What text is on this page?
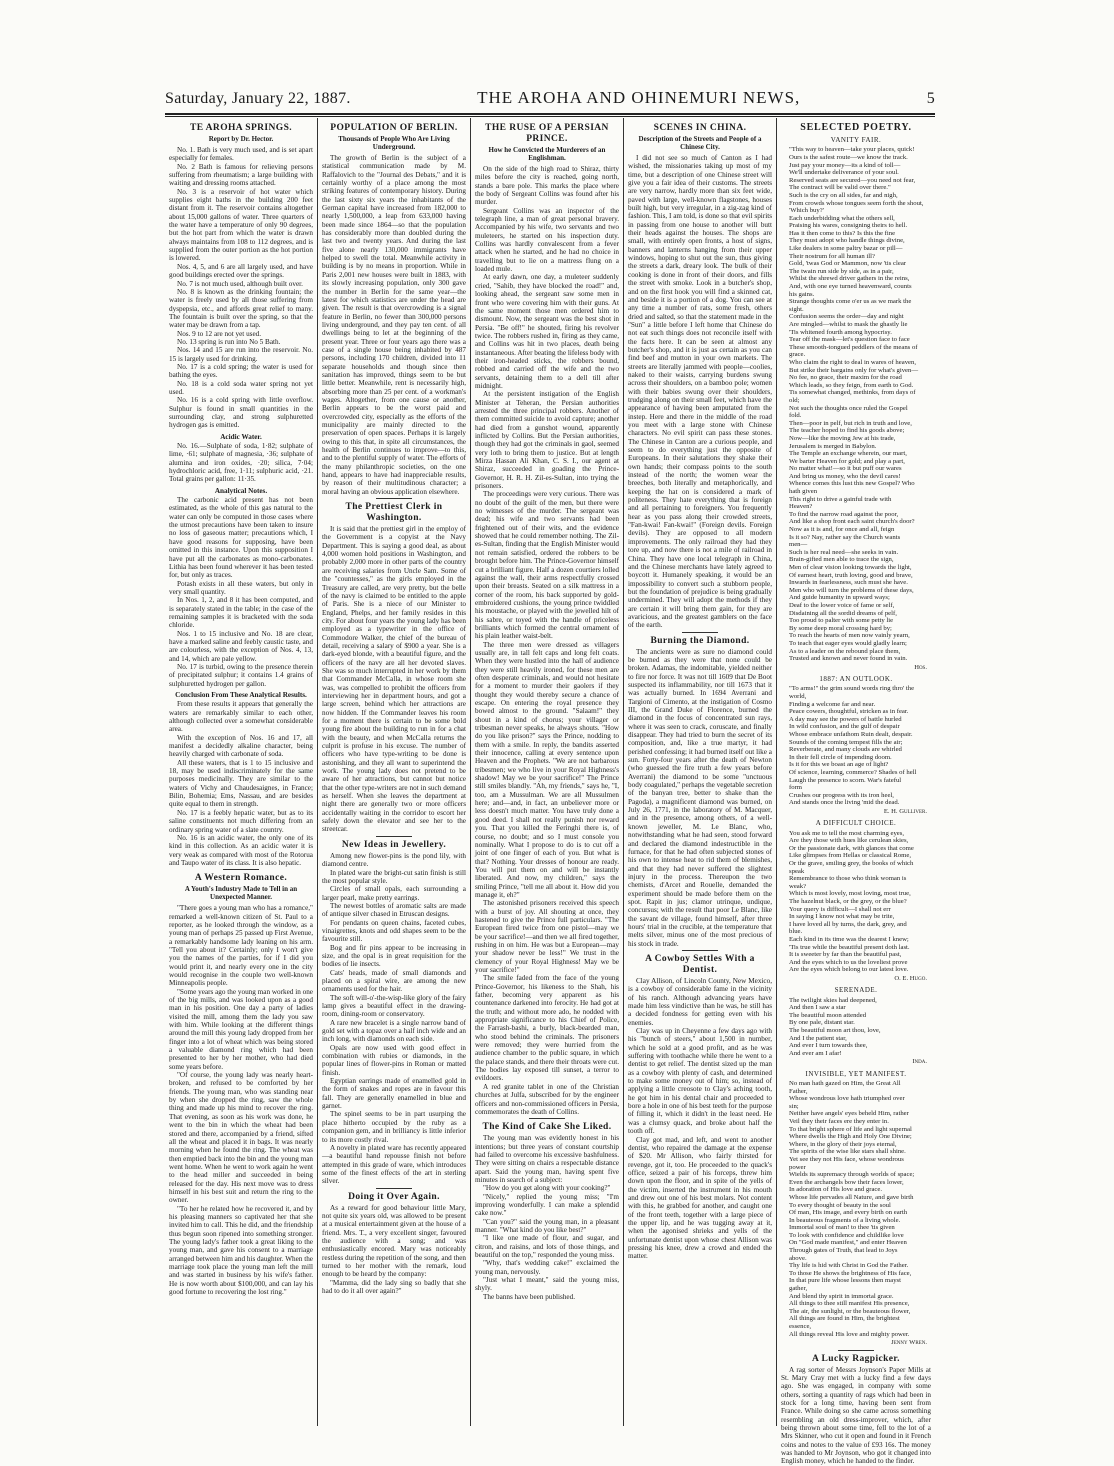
Saturday, January 22, 1887.	THE AROHA AND OHINEMURI NEWS,	5
TE AROHA SPRINGS.
Report by Dr. Hector.

No. 1. Bath is very much used, and is set apart especially for females.

No. 2 Bath is famous for relieving persons suffering from rheumatism; a large building with waiting and dressing rooms attached.

No. 3 is a reservoir of hot water which supplies eight baths in the building 200 feet distant from it. The reservoir contains altogether about 15,000 gallons of water. Three quarters of the water have a temperature of only 90 degrees, but the hot part from which the water is drawn always maintains from 108 to 112 degrees, and is supplied from the outer portion as the hot portion is lowered.

Nos. 4, 5, and 6 are all largely used, and have good buildings erected over the springs.

No. 7 is not much used, although built over.

No. 8 is known as the drinking fountain; the water is freely used by all those suffering from dyspepsia, etc., and affords great relief to many. The fountain is built over the spring, so that the water may be drawn from a tap.

Nos. 9 to 12 are not yet used.

No. 13 spring is run into No 5 Bath.

Nos. 14 and 15 are run into the reservoir. No. 15 is largely used for drinking.

No. 17 is a cold spring; the water is used for bathing the eyes.

No. 18 is a cold soda water spring not yet used.

No. 16 is a cold spring with little overflow. Sulphur is found in small quantities in the surrounding clay, and strong sulphuretted hydrogen gas is emitted.

Acidic Water.

No. 16.—Sulphate of soda, 1·82; sulphate of lime, ·61; sulphate of magnesia, ·36; sulphate of alumina and iron oxides, ·20; silica, 7·04; hydrochloric acid, free, 1·11; sulphuric acid, ·21. Total grains per gallon: 11·35.

Analytical Notes.

The carbonic acid present has not been estimated, as the whole of this gas natural to the water can only be computed in those cases where the utmost precautions have been taken to insure no loss of gaseous matter; precautions which, I have good reasons for supposing, have been omitted in this instance. Upon this supposition I have put all the carbonates as mono-carbonates. Lithia has been found wherever it has been tested for, but only as traces.

Potash exists in all these waters, but only in very small quantity.

In Nos. 1, 2, and 8 it has been computed, and is separately stated in the table; in the case of the remaining samples it is bracketed with the soda chloride.

Nos. 1 to 15 inclusive and No. 18 are clear, have a marked saline and feebly caustic taste, and are colourless, with the exception of Nos. 4, 13, and 14, which are pale yellow.

No. 17 is turbid, owing to the presence therein of precipitated sulphur; it contains 1.4 grains of sulphuretted hydrogen per gallon.

Conclusion From These Analytical Results.

From these results it appears that generally the waters are remarkably similar to each other, although collected over a somewhat considerable area.

With the exception of Nos. 16 and 17, all manifest a decidedly alkaline character, being heavily charged with carbonate of soda.

All these waters, that is 1 to 15 inclusive and 18, may be used indiscriminately for the same purposes medicinally. They are similar to the waters of Vichy and Chaudesaignes, in France; Bilin, Bohemia; Ems, Nassau, and are besides quite equal to them in strength.

No. 17 is a feebly hepatic water, but as to its saline constituents not much differing from an ordinary spring water of a slate country.

No. 16 is an acidic water, the only one of its kind in this collection. As an acidic water it is very weak as compared with most of the Rotorua and Taupo water of its class. It is also hepatic.

A Western Romance.
A Youth's Industry Made to Tell in an Unexpected Manner.

"There goes a young man who has a romance," remarked a well-known citizen of St. Paul to a reporter, as he looked through the window, as a young man of perhaps 25 passed up First Avenue, a remarkably handsome lady leaning on his arm. "Tell you about it? Certainly; only I won't give you the names of the parties, for if I did you would print it, and nearly every one in the city would recognise in the couple two well-known Minneapolis people.

"Some years ago the young man worked in one of the big mills, and was looked upon as a good man in his position. One day a party of ladies visited the mill, among them the lady you saw with him. While looking at the different things around the mill this young lady dropped from her finger into a lot of wheat which was being stored a valuable diamond ring which had been presented to her by her mother, who had died some years before.

"Of course, the young lady was nearly heart-broken, and refused to be comforted by her friends. The young man, who was standing near by when she dropped the ring, saw the whole thing and made up his mind to recover the ring. That evening, as soon as his work was done, he went to the bin in which the wheat had been stored and there, accompanied by a friend, sifted all the wheat and placed it in bags. It was nearly morning when he found the ring. The wheat was then emptied back into the bin and the young man went home. When he went to work again he went to the head miller and succeeded in being released for the day. His next move was to dress himself in his best suit and return the ring to the owner.

"To her he related how he recovered it, and by his pleasing manners so captivated her that she invited him to call. This he did, and the friendship thus begun soon ripened into something stronger. The young lady's father took a great liking to the young man, and gave his consent to a marriage arranged between him and his daughter. When the marriage took place the young man left the mill and was started in business by his wife's father. He is now worth about $100,000, and can lay his good fortune to recovering the lost ring."

POPULATION OF BERLIN.
Thousands of People Who Are Living Underground.

The growth of Berlin is the subject of a statistical communication made by M. Raffalovich to the "Journal des Debats," and it is certainly worthy of a place among the most striking features of contemporary history. During the last sixty six years the inhabitants of the German capital have increased from 182,000 to nearly 1,500,000, a leap from 633,000 having been made since 1864—so that the population has considerably more than doubled during the last two and twenty years. And during the last five alone nearly 130,000 immigrants have helped to swell the total. Meanwhile activity in building is by no means in proportion. While in Paris 2,001 new houses were built in 1883, with its slowly increasing population, only 300 gave the number in Berlin for the same year—the latest for which statistics are under the head are given. The result is that overcrowding is a signal feature in Berlin, no fewer than 300,000 persons living underground, and they pay ten cent. of all dwellings being to let at the beginning of the present year. Three or four years ago there was a case of a single house being inhabited by 487 persons, including 170 children, divided into 11 separate households and though since then sanitation has improved, things seem to be but little better. Meanwhile, rent is necessarily high, absorbing more than 25 per cent. of a workman's wages. Altogether, from one cause or another, Berlin appears to be the worst paid and overcrowded city, especially as the efforts of the municipality are mainly directed to the preservation of open spaces. Perhaps it is largely owing to this that, in spite all circumstances, the health of Berlin continues to improve—to this, and to the plentiful supply of water. The efforts of the many philanthropic societies, on the one hand, appears to have had inappreciable results, by reason of their multitudinous character; a moral having an obvious application elsewhere.

The Prettiest Clerk in Washington.

It is said that the prettiest girl in the employ of the Government is a copyist at the Navy Department. This is saying a good deal, as about 4,000 women hold positions in Washington, and probably 2,000 more in other parts of the country are receiving salaries from Uncle Sam. Some of the "countesses," as the girls employed in the Treasury are called, are very pretty, but the belle of the navy is claimed to be entitled to the apple of Paris. She is a niece of our Minister to England, Phelps, and her family resides in this city. For about four years the young lady has been employed as a typewriter in the office of Commodore Walker, the chief of the bureau of detail, receiving a salary of $900 a year. She is a dark-eyed blonde, with a beautiful figure, and the officers of the navy are all her devoted slaves. She was so much interrupted in her work by them that Commander McCalla, in whose room she was, was compelled to prohibit the officers from interviewing her in department hours, and got a large screen, behind which her attractions are now hidden. If the Commander leaves his room for a moment there is certain to be some bold young fire about the building to run in for a chat with the beauty, and when McCalla returns the culprit is profuse in his excuse. The number of officers who have type-writing to be done is astonishing, and they all want to superintend the work. The young lady does not pretend to be aware of her attractions, but cannot but notice that the other type-writers are not in such demand as herself. When she leaves the department at night there are generally two or more officers accidentally waiting in the corridor to escort her safely down the elevator and see her to the streetcar.

New Ideas in Jewellery.

Among new flower-pins is the pond lily, with diamond centre.

In plated ware the bright-cut satin finish is still the most popular style.

Circles of small opals, each surrounding a larger pearl, make pretty earrings.

The newest bottles of aromatic salts are made of antique silver chased in Etruscan designs.

For pendants on queen chains, faceted cubes, vinaigrettes, knots and odd shapes seem to be the favourite still.

Bog and fir pins appear to be increasing in size, and the opal is in great requisition for the bodies of lie insects.

Cats' heads, made of small diamonds and placed on a spiral wire, are among the new ornaments used for the hair.

The soft will-o'-the-wisp-like glory of the fairy lamp gives a beautiful effect in the drawing-room, dining-room or conservatory.

A rare new bracelet is a single narrow band of gold set with a topaz over a half inch wide and an inch long, with diamonds on each side.

Opals are now used with good effect in combination with rubies or diamonds, in the popular lines of flower-pins in Roman or matted finish.

Egyptian earrings made of enamelled gold in the form of snakes and ropes are in favour this fall. They are generally enamelled in blue and garnet.

The spinel seems to be in part usurping the place hitherto occupied by the ruby as a companion gem, and in brilliancy is little inferior to its more costly rival.

A novelty in plated ware has recently appeared—a beautiful hand repousse finish not before attempted in this grade of ware, which introduces some of the finest effects of the art in sterling silver.

Doing it Over Again.

As a reward for good behaviour little Mary, not quite six years old, was allowed to be present at a musical entertainment given at the house of a friend. Mrs. T., a very excellent singer, favoured the audience with a song; and was enthusiastically encored. Mary was noticeably restless during the repetition of the song, and then turned to her mother with the remark, loud enough to be heard by the company:

"Mamma, did the lady sing so badly that she had to do it all over again?"

THE RUSE OF A PERSIAN PRINCE.
How he Convicted the Murderers of an Englishman.

On the side of the high road to Shiraz, thirty miles before the city is reached, going north, stands a bare pole. This marks the place where the body of Sergeant Collins was found after his murder.

Sergeant Collins was an inspector of the telegraph line, a man of great personal bravery. Accompanied by his wife, two servants and two muleteers, he started on his inspection duty. Collins was hardly convalescent from a fever attack when he started, and he had no choice in travelling but to lie on a mattress flung on a loaded mule.

At early dawn, one day, a muleteer suddenly cried, "Sahib, they have blocked the road!" and, looking ahead, the sergeant saw some men in front who were covering him with their guns. At the same moment those men ordered him to dismount. Now, the sergeant was the best shot in Persia. "Be off!" he shouted, firing his revolver twice. The robbers rushed in, firing as they came, and Collins was hit in two places, death being instantaneous. After beating the lifeless body with their iron-headed sticks, the robbers bound, robbed and carried off the wife and the two servants, detaining them to a dell till after midnight.

At the persistent instigation of the English Minister at Teheran, the Persian authorities arrested the three principal robbers. Another of them committed suicide to avoid capture; another had died from a gunshot wound, apparently inflicted by Collins. But the Persian authorities, though they had got the criminals in gaol, seemed very loth to bring them to justice. But at length Mirza Hassan Ali Khan, C. S. I., our agent at Shiraz, succeeded in goading the Prince-Governor, H. R. H. Zil-es-Sultan, into trying the prisoners.

The proceedings were very curious. There was no doubt of the guilt of the men, but there were no witnesses of the murder. The sergeant was dead; his wife and two servants had been frightened out of their wits, and the evidence showed that he could remember nothing. The Zil-es-Sultan, finding that the English Minister would not remain satisfied, ordered the robbers to be brought before him. The Prince-Governor himself cut a brilliant figure. Half a dozen courtiers lolled against the wall, their arms respectfully crossed upon their breasts. Seated on a silk mattress in a corner of the room, his back supported by gold-embroidered cushions, the young prince twiddled his moustache, or played with the jewelled hilt of his sabre, or toyed with the handle of priceless brilliants which formed the central ornament of his plain leather waist-belt.

The three men were dressed as villagers usually are, in tall felt caps and long felt coats. When they were hustled into the hall of audience they were still heavily ironed, for these men are often desperate criminals, and would not hesitate for a moment to murder their gaolers if they thought they would thereby secure a chance of escape. On entering the royal presence they bowed almost to the ground. "Salaam!" they shout in a kind of chorus; your villager or tribesman never speaks, he always shouts. "How do you like prison?" says the Prince, nodding to them with a smile. In reply, the bandits asserted their innocence, calling at every sentence upon Heaven and the Prophets. "We are not barbarous tribesmen; we who live in your Royal Highness's shadow! May we be your sacrifice!" The Prince still smiles blandly. "Ah, my friends," says he, "I, too, am a Mussulman. We are all Mussulmen here; and—and, in fact, an unbeliever more or less doesn't much matter. You have truly done a good deed. I shall not really punish nor reward you. That you killed the Feringhi there is, of course, no doubt; and so I must console you nominally. What I propose to do is to cut off a joint of one finger of each of you. But what is that? Nothing. Your dresses of honour are ready. You will put them on and will be instantly liberated. And now, my children," says the smiling Prince, "tell me all about it. How did you manage it, eh?"

The astonished prisoners received this speech with a burst of joy. All shouting at once, they hastened to give the Prince full particulars. "The European fired twice from one pistol—may we be your sacrifice!—and then we all fired together, rushing in on him. He was but a European—may your shadow never be less!" We trust in the clemency of your Royal Highness! May we be your sacrifice!"

The smile faded from the face of the young Prince-Governor, his likeness to the Shah, his father, becoming very apparent as his countenance darkened into ferocity. He had got at the truth; and without more ado, he nodded with appropriate significance to his Chief of Police, the Farrash-bashi, a burly, black-bearded man, who stood behind the criminals. The prisoners were removed; they were hurried from the audience chamber to the public square, in which the palace stands, and there their throats were cut. The bodies lay exposed till sunset, a terror to evildoers.

A red granite tablet in one of the Christian churches at Julfa, subscribed for by the engineer officers and non-commissioned officers in Persia, commemorates the death of Collins.

The Kind of Cake She Liked.

The young man was evidently honest in his intentions; but three years of constant courtship had failed to overcome his excessive bashfulness. They were sitting on chairs a respectable distance apart. Said the young man, having spent five minutes in search of a subject:

"How do you get along with your cooking?"

"Nicely," replied the young miss; "I'm improving wonderfully. I can make a splendid cake now."

"Can you?" said the young man, in a pleasant manner. "What kind do you like best?"

"I like one made of flour, and sugar, and citron, and raisins, and lots of those things, and beautiful on the top," responded the young miss.

"Why, that's wedding cake!" exclaimed the young man, nervously.

"Just what I meant," said the young miss, shyly.

The banns have been published.

SCENES IN CHINA.
Description of the Streets and People of a Chinese City.

I did not see so much of Canton as I had wished, the missionaries taking up most of my time, but a description of one Chinese street will give you a fair idea of their customs. The streets are very narrow, hardly more than six feet wide, paved with large, well-known flagstones, houses built high, but very irregular, in a zig-zag kind of fashion. This, I am told, is done so that evil spirits in passing from one house to another will butt their heads against the houses. The shops are small, with entirely open fronts, a host of signs, banners and lanterns hanging from their upper windows, hoping to shut out the sun, thus giving the streets a dark, dreary look. The bulk of their cooking is done in front of their doors, and fills the street with smoke. Look in a butcher's shop, and on the first hook you will find a skinned cat, and beside it is a portion of a dog. You can see at any time a number of rats, some fresh, others dried and salted, so that the statement made in the "Sun" a little before I left home that Chinese do not eat such things does not reconcile itself with the facts here. It can be seen at almost any butcher's shop, and it is just as certain as you can find beef and mutton in your own markets. The streets are literally jammed with people—coolies, naked to their waists, carrying burdens swung across their shoulders, on a bamboo pole; women with their babies swung over their shoulders, trudging along on their small feet, which have the appearance of having been amputated from the instep. Here and there in the middle of the road you meet with a large stone with Chinese characters. No evil spirit can pass these stones. The Chinese in Canton are a curious people, and seem to do everything just the opposite of Europeans. In their salutations they shake their own hands; their compass points to the south instead of the north; the women wear the breeches, both literally and metaphorically, and keeping the hat on is considered a mark of politeness. They hate everything that is foreign and all pertaining to foreigners. You frequently hear as you pass along their crowded streets, "Fan-kwai! Fan-kwai!" (Foreign devils. Foreign devils). They are opposed to all modern improvements. The only railroad they had they tore up, and now there is not a mile of railroad in China. They have one local telegraph in China, and the Chinese merchants have lately agreed to boycott it. Humanely speaking, it would be an impossibility to convert such a stubborn people, but the foundation of prejudice is being gradually undermined. They will adopt the methods if they are certain it will bring them gain, for they are avaricious, and the greatest gamblers on the face of the earth.

Burning the Diamond.

The ancients were as sure no diamond could be burned as they were that none could be broken. Adamas, the indomitable, yielded neither to fire nor force. It was not till 1609 that De Boot suspected its inflammability, nor till 1673 that it was actually burned. In 1694 Averrani and Targioni of Cimento, at the instigation of Cosmo III, the Grand Duke of Florence, burned the diamond in the focus of concentrated sun rays, where it was seen to crack, coruscate, and finally disappear. They had tried to burn the secret of its composition, and, like a true martyr, it had perished confessing; it had burned itself out like a sun. Forty-four years after the death of Newton (who guessed the fire truth a few years before Averrani) the diamond to be some "unctuous body coagulated," perhaps the vegetable secretion of the banyan tree, better to shake than the Pagoda), a magnificent diamond was burned, on July 26, 1771, in the laboratory of M. Macquer, and in the presence, among others, of a well-known jeweller, M. Le Blanc, who, notwithstanding what he had seen, stood forward and declared the diamond indestructible in the furnace, for that he had often subjected stones of his own to intense heat to rid them of blemishes, and that they had never suffered the slightest injury in the process. Thereupon the two chemists, d'Arcet and Rouelle, demanded the experiment should be made before them on the spot. Rapit in jus; clamor utrinque, undique, concursus; with the result that poor Le Blanc, like the savant de village, found himself, after three hours' trial in the crucible, at the temperature that melts silver, minus one of the most precious of his stock in trade.

A Cowboy Settles With a Dentist.

Clay Allison, of Lincoln County, New Mexico, is a cowboy of considerable fame in the vicinity of his ranch. Although advancing years have made him less vindictive than he was, he still has a decided fondness for getting even with his enemies.

Clay was up in Cheyenne a few days ago with his "bunch of steers," about 1,500 in number, which he sold at a good profit, and as he was suffering with toothache while there he went to a dentist to get relief. The dentist sized up the man as a cowboy with plenty of cash, and determined to make some money out of him; so, instead of applying a little creosote to Clay's aching tooth, he got him in his dental chair and proceeded to bore a hole in one of his best teeth for the purpose of filling it, which it didn't in the least need. He was a clumsy quack, and broke about half the tooth off.

Clay got mad, and left, and went to another dentist, who repaired the damage at the expense of $20. Mr Allison, who fairly thirsted for revenge, got it, too. He proceeded to the quack's office, seized a pair of his forceps, threw him down upon the floor, and in spite of the yells of the victim, inserted the instrument in his mouth and drew out one of his best molars. Not content with this, he grabbed for another, and caught one of the front teeth, together with a large piece of the upper lip, and he was tugging away at it, when the agonised shrieks and yells of the unfortunate dentist upon whose chest Allison was pressing his knee, drew a crowd and ended the matter.

SELECTED POETRY.
VANITY FAIR.

"This way to heaven—take your places, quick!

Ours is the safest route—we know the track.

Just pay your money—its a kind of toll—

We'll undertake deliverance of your soul.

Reserved seats are secured—you need not fear,

The contract will be valid over there."

Such is the cry on all sides, far and nigh,

From crowds whose tongues seem forth the shout,

'Which buy?'

Each underbidding what the others sell,

Praising his wares, consigning theirs to hell.

Has it then come to this? Is this the fine

They must adopt who handle things divine,

Like dealers in some paltry bazar or pill—

Their nostrum for all human ill?

Gold, 'twas God or Mammon, now 'tis clear

The twain run side by side, as in a pair,

Whilst the shrewd driver gathers in the reins,

And, with one eye turned heavenward, counts

his gains.

Strange thoughts come o'er us as we mark the

sight.

Confusion seems the order—day and night

Are mingled—whilst to mask the ghastly lie

'Tis whitened fourth among hypocrisy.

Tear off the mask—let's question face to face

These smooth-tongued peddlers of the means of

grace.

Who claim the right to deal in wares of heaven,

But strike their bargains only for what's given—

No fee, no grace, their maxim for the road

Which leads, so they feign, from earth to God.

Tis somewhat changed, methinks, from days of

old;

Not such the thoughts once ruled the Gospel

fold.

Then—poor in pelf, but rich in truth and love,

The teacher hoped to find his goods above;

Now—like the moving Jew at his trade,

Jerusalem is merged in Babylon.

The Temple an exchange wherein, our mart,

We barter Heaven for gold; and play a part,

No matter what!—so it but puff our wares

And bring us money, who the devil cares!

Whence comes this lust this new Gospel? Who

hath given

This right to drive a gainful trade with

Heaven?

To find the narrow road against the poor,

And like a shop front each saint church's door?

Now as it is and, for once and all, feign

Is it so? Nay, rather say the Church wants

men—

Such is her real need—she seeks in vain.

Brain-gifted men able to trace the sign,

Men of clear vision looking towards the light,

Of earnest heart, truth loving, good and brave,

Inwards in fearlessness, such must she have.

Men who will turn the problems of these days,

And guide humanity in upward ways;

Deaf to the lower voice of fame or self,

Disdaining all the sordid dreams of pelf,

Too proud to palter with some petty lie

By some deep moral crossing hard by;

To reach the hearts of men now vainly yearn,

To teach that eager eyes would gladly learn;

As to a leader on the rebound place them,

Trusted and known and never found in vain.

Hos.
1887: AN OUTLOOK.

"To arms!" the grim sound words ring thro' the

world,

Finding a welcome far and near.

Peace cowers, thoughtful, stricken as in fear.

A day may see the powers of battle hurled

In wild confusion, and the gulf of despair

Whose embrace unfathom Ruin dealt, despair.

Sounds of the coming tempest fills the air;

Reverberate, and many clouds are whirled

In their fell circle of impending doom.

Is it for this we boast an age of light?

Of science, learning, commerce? Shades of hell

Laugh the presence to scorn. War's fateful

form

Crushes our progress with its iron heel,

And stands once the living 'mid the dead.

E. H. Gulliver.
A DIFFICULT CHOICE.

You ask me to tell the most charming eyes,

Are they those with hues like cerulean skies,

Or the passionate dark, with glances that come

Like glimpses from Hellas or classical Rome,

Or the grave, smiling grey, the books of which

speak

Remembrance to those who think woman is

weak?

Which is most lovely, most loving, most true,

The hazelnut black, or the grey, or the blue?

Your query is difficult—I shall not err

In saying I know not what may be trite,

I have loved all by turns, the dark, grey, and

blue.

Each kind in its time was the dearest I knew;

'Tis true while the beautiful present doth last.

It is sweeter by far than the beautiful past,

And the eyes which to us the loveliest prove

Are the eyes which belong to our latest love.

O. E. Hugo.
SERENADE.

The twilight skies had deepened,

And then I saw a star

The beautiful moon attended

By one pale, distant star.

The beautiful moon art thou, love,

And I the patient star,

And ever I turn towards thee,

And ever am I afar!

Inda.
INVISIBLE, YET MANIFEST.

No man hath gazed on Him, the Great All

Father,

Whose wondrous love hath triumphed over

sin;

Neither have angels' eyes beheld Him, rather

Veil they their faces ere they enter in.

To that bright sphere of life and light supernal

Where dwells the High and Holy One Divine;

Where, in the glory of their joys eternal,

The spirits of the wise like stars shall shine.

Yet see they not His face, whose wondrous

power

Wields its supremacy through worlds of space;

Even the archangels bow their faces lower,

In adoration of His love and grace.

Whose life pervades all Nature, and gave birth

To every thought of beauty in the soul

Of man, His image, and every birth on earth

In beauteous fragments of a living whole.

Immortal soul of man! to thee 'tis given

To look with confidence and childlike love

On "God made manifest," and enter Heaven

Through gates of Truth, that lead to Joys

above.

Thy life is hid with Christ in God the Father.

To those He shows the brightness of His face,

In that pure life whose lessons then mayst

gather,

And blend thy spirit in immortal grace.

All things to thee still manifest His presence,

The air, the sunlight, or the beauteous flower,

All things are found in Him, the brightest

essence,

All things reveal His love and mighty power.

Jenny Wren.
A Lucky Ragpicker.

A rag sorter of Messrs Joynson's Paper Mills at St. Mary Cray met with a lucky find a few days ago. She was engaged, in company with some others, sorting a quantity of rags which had been in stock for a long time, having been sent from France. While doing so she came across something resembling an old dress-improver, which, after being thrown about some time, fell to the lot of a Mrs Skinner, who cut it open and found in it French coins and notes to the value of £93 16s. The money was handed to Mr Joynson, who got it changed into English money, which he handed to the finder.
